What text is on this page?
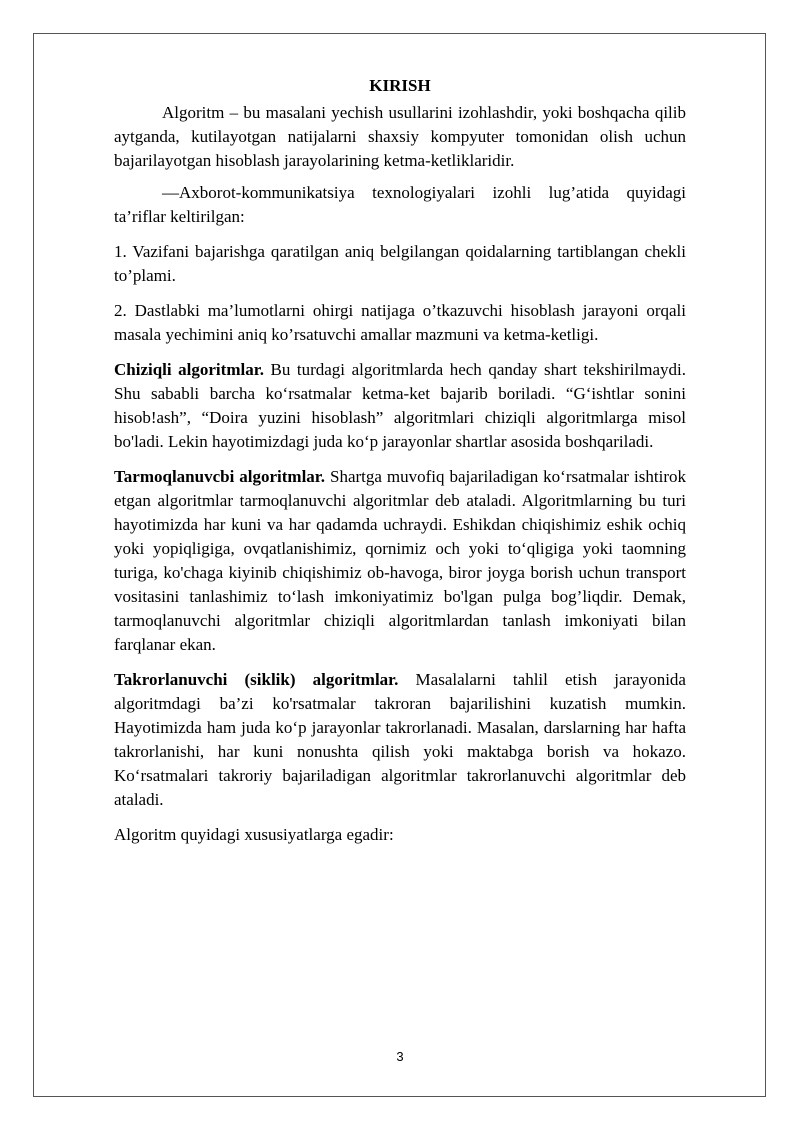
KIRISH

Algoritm – bu masalani yechish usullarini izohlashdir, yoki boshqacha qilib aytganda, kutilayotgan natijalarni shaxsiy kompyuter tomonidan olish uchun bajarilayotgan hisoblash jarayolarining ketma-ketliklaridir.

―Axborot-kommunikatsiya texnologiyalari izohli lug’atida quyidagi ta’riflar keltirilgan:

1. Vazifani bajarishga qaratilgan aniq belgilangan qoidalarning tartiblangan chekli to’plami.

2. Dastlabki ma’lumotlarni ohirgi natijaga o’tkazuvchi hisoblash jarayoni orqali masala yechimini aniq ko’rsatuvchi amallar mazmuni va ketma-ketligi.

Chiziqli algoritmlar. Bu turdagi algoritmlarda hech qanday shart tekshirilmaydi. Shu sababli barcha ko‘rsatmalar ketma-ket bajarib boriladi. “G‘ishtlar sonini hisob!ash”, “Doira yuzini hisoblash” algoritmlari chiziqli algoritmlarga misol bo'ladi. Lekin hayotimizdagi juda ko‘p jarayonlar shartlar asosida boshqariladi.

Tarmoqlanuvcbi algoritmlar. Shartga muvofiq bajariladigan ko‘rsatmalar ishtirok etgan algoritmlar tarmoqlanuvchi algoritmlar deb ataladi. Algoritmlarning bu turi hayotimizda har kuni va har qadamda uchraydi. Eshikdan chiqishimiz eshik ochiq yoki yopiqligiga, ovqatlanishimiz, qornimiz och yoki to‘qligiga yoki taomning turiga, ko'chaga kiyinib chiqishimiz ob-havoga, biror joyga borish uchun transport vositasini tanlashimiz to‘lash imkoniyatimiz bo'lgan pulga bog’liqdir. Demak, tarmoqlanuvchi algoritmlar chiziqli algoritmlardan tanlash imkoniyati bilan farqlanar ekan.

Takrorlanuvchi (siklik) algoritmlar. Masalalarni tahlil etish jarayonida algoritmdagi ba’zi ko'rsatmalar takroran bajarilishini kuzatish mumkin. Hayotimizda ham juda ko‘p jarayonlar takrorlanadi. Masalan, darslarning har hafta takrorlanishi, har kuni nonushta qilish yoki maktabga borish va hokazo. Ko‘rsatmalari takroriy bajariladigan algoritmlar takrorlanuvchi algoritmlar deb ataladi.

Algoritm quyidagi xususiyatlarga egadir:

3
